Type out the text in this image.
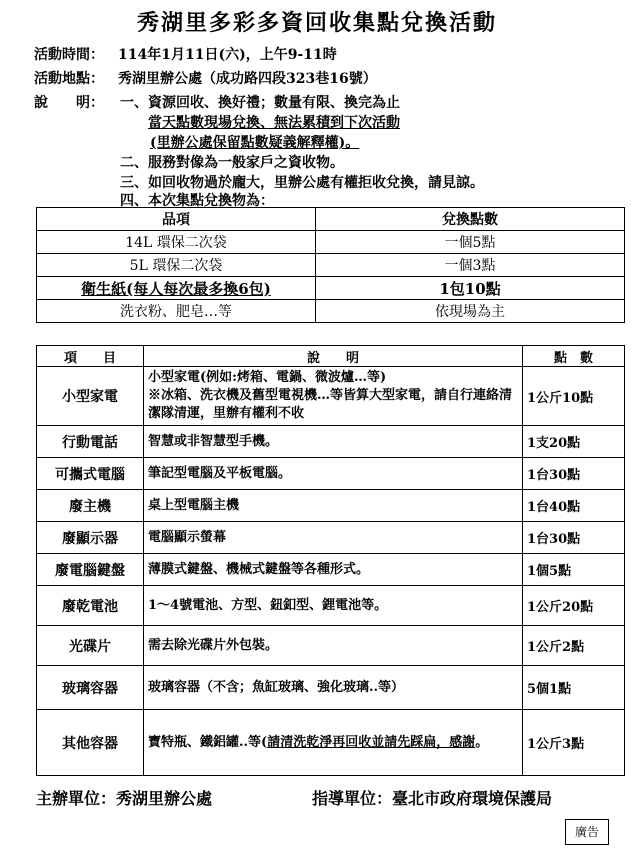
秀湖里多彩多資回收集點兌換活動
活動時間： 114年1月11日(六)，上午9-11時
活動地點： 秀湖里辦公處（成功路四段323巷16號）
說　　明： 一、資源回收、換好禮；數量有限、換完為止
當天點數現場兌換、無法累積到下次活動
(里辦公處保留點數疑義解釋權)。
二、服務對像為一般家戶之資收物。
三、如回收物過於龐大，里辦公處有權拒收兌換，請見諒。
四、本次集點兌換物為：
品項	兌換點數
14L 環保二次袋	一個5點
5L 環保二次袋	一個3點
衛生紙(每人每次最多換6包)	1包10點
洗衣粉、肥皂…等	依現場為主
項　　目	說　　明	點　數
小型家電	小型家電(例如:烤箱、電鍋、微波爐…等)
※冰箱、洗衣機及舊型電視機…等皆算大型家電，請自行連絡清潔隊清運，里辦有權利不收	1公斤10點
行動電話	智慧或非智慧型手機。	1支20點
可攜式電腦	筆記型電腦及平板電腦。	1台30點
廢主機	桌上型電腦主機	1台40點
廢顯示器	電腦顯示螢幕	1台30點
廢電腦鍵盤	薄膜式鍵盤、機械式鍵盤等各種形式。	1個5點
廢乾電池	1～4號電池、方型、鈕釦型、鋰電池等。	1公斤20點
光碟片	需去除光碟片外包裝。	1公斤2點
玻璃容器	玻璃容器（不含；魚缸玻璃、強化玻璃..等）	5個1點
其他容器	寶特瓶、鐵鋁罐..等(請清洗乾淨再回收並請先踩扁，感謝。	1公斤3點
主辦單位：秀湖里辦公處	指導單位：臺北市政府環境保護局
廣告
